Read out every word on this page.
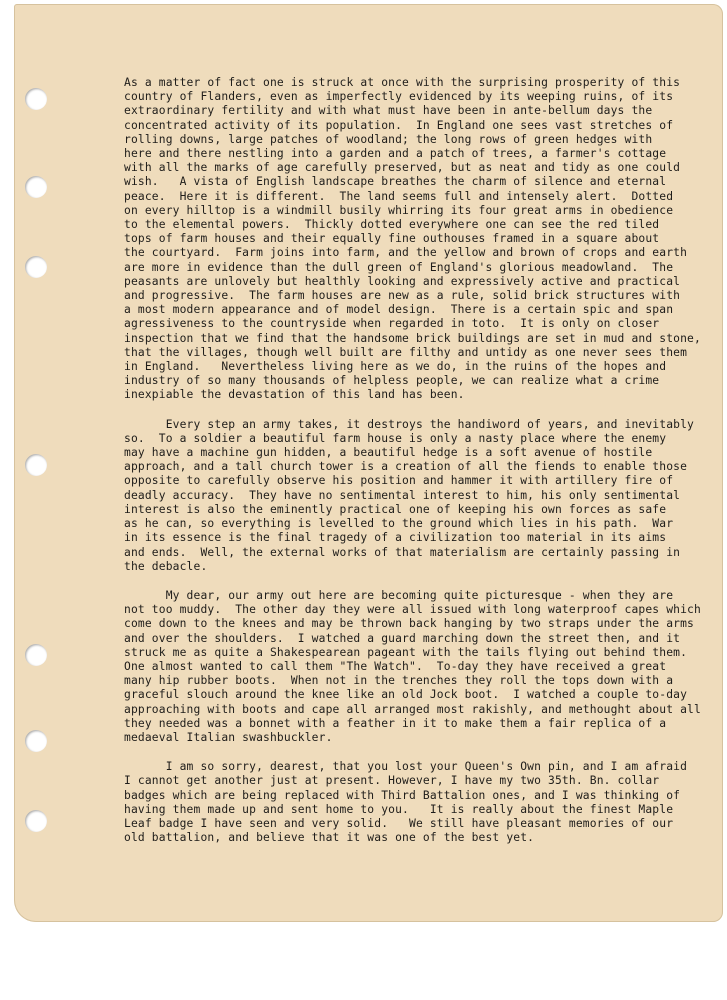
As a matter of fact one is struck at once with the surprising prosperity of this
country of Flanders, even as imperfectly evidenced by its weeping ruins, of its
extraordinary fertility and with what must have been in ante-bellum days the
concentrated activity of its population.  In England one sees vast stretches of
rolling downs, large patches of woodland; the long rows of green hedges with
here and there nestling into a garden and a patch of trees, a farmer's cottage
with all the marks of age carefully preserved, but as neat and tidy as one could
wish.   A vista of English landscape breathes the charm of silence and eternal
peace.  Here it is different.  The land seems full and intensely alert.  Dotted
on every hilltop is a windmill busily whirring its four great arms in obedience
to the elemental powers.  Thickly dotted everywhere one can see the red tiled
tops of farm houses and their equally fine outhouses framed in a square about
the courtyard.  Farm joins into farm, and the yellow and brown of crops and earth
are more in evidence than the dull green of England's glorious meadowland.  The
peasants are unlovely but healthly looking and expressively active and practical
and progressive.  The farm houses are new as a rule, solid brick structures with
a most modern appearance and of model design.  There is a certain spic and span
agressiveness to the countryside when regarded in toto.  It is only on closer
inspection that we find that the handsome brick buildings are set in mud and stone,
that the villages, though well built are filthy and untidy as one never sees them
in England.   Nevertheless living here as we do, in the ruins of the hopes and
industry of so many thousands of helpless people, we can realize what a crime
inexpiable the devastation of this land has been.
Every step an army takes, it destroys the handiword of years, and inevitably
so.  To a soldier a beautiful farm house is only a nasty place where the enemy
may have a machine gun hidden, a beautiful hedge is a soft avenue of hostile
approach, and a tall church tower is a creation of all the fiends to enable those
opposite to carefully observe his position and hammer it with artillery fire of
deadly accuracy.  They have no sentimental interest to him, his only sentimental
interest is also the eminently practical one of keeping his own forces as safe
as he can, so everything is levelled to the ground which lies in his path.  War
in its essence is the final tragedy of a civilization too material in its aims
and ends.  Well, the external works of that materialism are certainly passing in
the debacle.
My dear, our army out here are becoming quite picturesque - when they are
not too muddy.  The other day they were all issued with long waterproof capes which
come down to the knees and may be thrown back hanging by two straps under the arms
and over the shoulders.  I watched a guard marching down the street then, and it
struck me as quite a Shakespearean pageant with the tails flying out behind them.
One almost wanted to call them "The Watch".  To-day they have received a great
many hip rubber boots.  When not in the trenches they roll the tops down with a
graceful slouch around the knee like an old Jock boot.  I watched a couple to-day
approaching with boots and cape all arranged most rakishly, and methought about all
they needed was a bonnet with a feather in it to make them a fair replica of a
medaeval Italian swashbuckler.
I am so sorry, dearest, that you lost your Queen's Own pin, and I am afraid
I cannot get another just at present. However, I have my two 35th. Bn. collar
badges which are being replaced with Third Battalion ones, and I was thinking of
having them made up and sent home to you.   It is really about the finest Maple
Leaf badge I have seen and very solid.   We still have pleasant memories of our
old battalion, and believe that it was one of the best yet.
